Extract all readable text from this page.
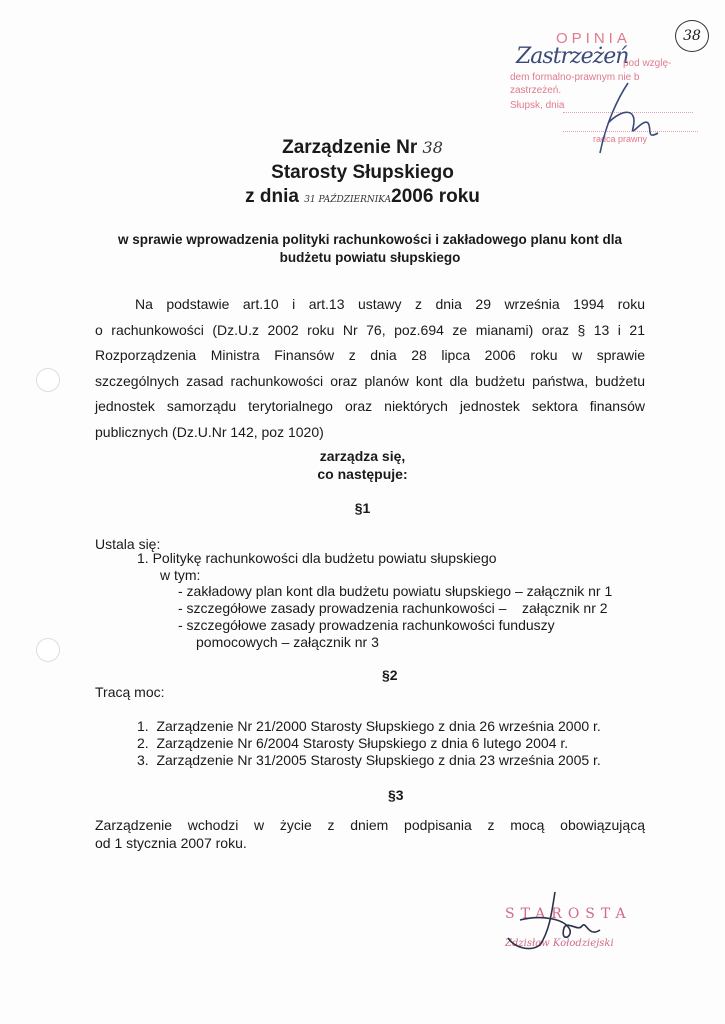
OPINIA
Zastrzeżeń
pod wzglę-
dem formalno-prawnym nie b
zastrzeżeń.
Słupsk, dnia
radca prawny
38
Zarządzenie Nr 38
Starosty Słupskiego
z dnia 31 PAŹDZIERNIKA2006 roku
w sprawie wprowadzenia polityki rachunkowości i zakładowego planu kont dla
budżetu powiatu słupskiego
Na podstawie art.10 i art.13 ustawy z dnia 29 września 1994 roku
o rachunkowości (Dz.U.z 2002 roku Nr 76, poz.694 ze mianami) oraz § 13 i 21
Rozporządzenia Ministra Finansów z dnia 28 lipca 2006 roku w sprawie
szczególnych zasad rachunkowości oraz planów kont dla budżetu państwa, budżetu
jednostek samorządu terytorialnego oraz niektórych jednostek sektora finansów
publicznych (Dz.U.Nr 142, poz 1020)
zarządza się,
co następuje:
§1
Ustala się:
1. Politykę rachunkowości dla budżetu powiatu słupskiego
w tym:
- zakładowy plan kont dla budżetu powiatu słupskiego – załącznik nr 1
- szczegółowe zasady prowadzenia rachunkowości –    załącznik nr 2
- szczegółowe zasady prowadzenia rachunkowości funduszy
pomocowych – załącznik nr 3
§2
Tracą moc:
1.  Zarządzenie Nr 21/2000 Starosty Słupskiego z dnia 26 września 2000 r.
2.  Zarządzenie Nr 6/2004 Starosty Słupskiego z dnia 6 lutego 2004 r.
3.  Zarządzenie Nr 31/2005 Starosty Słupskiego z dnia 23 września 2005 r.
§3
Zarządzenie wchodzi w życie z dniem podpisania z mocą obowiązującą
od 1 stycznia 2007 roku.
STAROSTA
Zdzisław Kołodziejski
